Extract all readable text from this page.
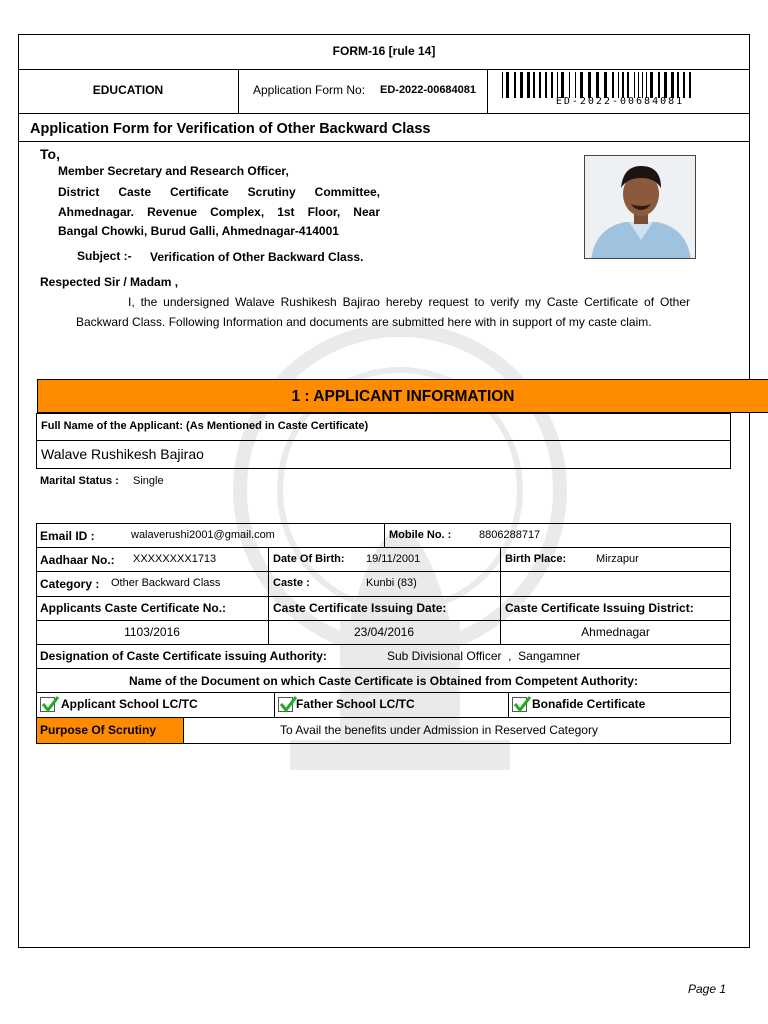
FORM-16 [rule 14]
EDUCATION	Application Form No: ED-2022-00684081
ED-2022-00684081
Application Form for Verification of Other Backward Class
To,
Member Secretary and Research Officer,
District Caste Certificate Scrutiny Committee,
Ahmednagar. Revenue Complex, 1st Floor, Near
Bangal Chowki, Burud Galli, Ahmednagar-414001
Subject :- Verification of Other Backward Class.
Respected Sir / Madam ,
I, the undersigned Walave Rushikesh Bajirao hereby request to verify my Caste Certificate of Other Backward Class. Following Information and documents are submitted here with in support of my caste claim.
1 : APPLICANT INFORMATION
Full Name of the Applicant: (As Mentioned in Caste Certificate)
Walave Rushikesh Bajirao
Marital Status : Single
Email ID :	walaverushi2001@gmail.com	Mobile No. :	8806288717
Aadhaar No.: XXXXXXXX1713	Date Of Birth: 19/11/2001	Birth Place:	Mirzapur
Category : Other Backward Class	Caste :	Kunbi (83)
Applicants Caste Certificate No.:	Caste Certificate Issuing Date:	Caste Certificate Issuing District:
1103/2016	23/04/2016	Ahmednagar
Designation of Caste Certificate issuing Authority:	Sub Divisional Officer  ,  Sangamner
Name of the Document on which Caste Certificate is Obtained from Competent Authority:
Applicant School LC/TC	Father School LC/TC	Bonafide Certificate
Purpose Of Scrutiny	To Avail the benefits under Admission in Reserved Category
Page 1
